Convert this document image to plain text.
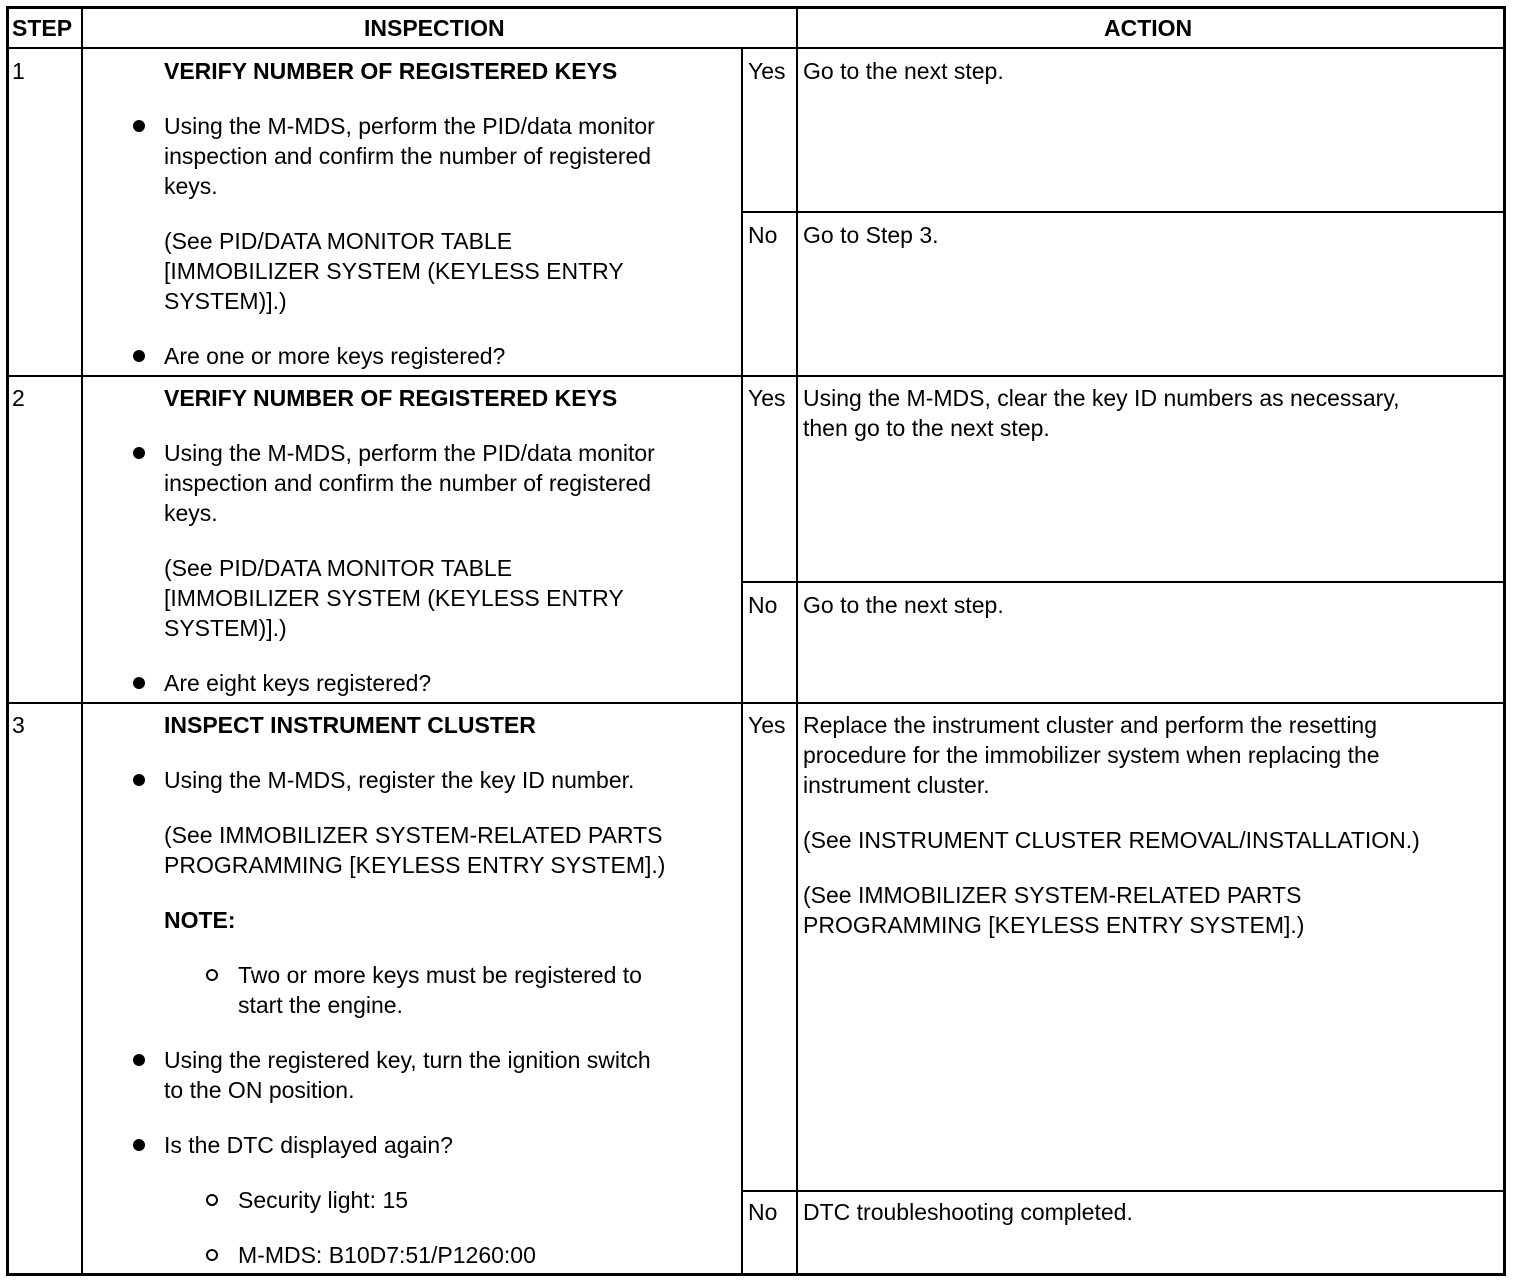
STEP	INSPECTION	ACTION
1	VERIFY NUMBER OF REGISTERED KEYS
Using the M-MDS, perform the PID/data monitor
inspection and confirm the number of registered
keys.
(See PID/DATA MONITOR TABLE
[IMMOBILIZER SYSTEM (KEYLESS ENTRY
SYSTEM)].)
Are one or more keys registered?
Yes Go to the next step.
No Go to Step 3.
2	VERIFY NUMBER OF REGISTERED KEYS
Using the M-MDS, perform the PID/data monitor
inspection and confirm the number of registered
keys.
(See PID/DATA MONITOR TABLE
[IMMOBILIZER SYSTEM (KEYLESS ENTRY
SYSTEM)].)
Are eight keys registered?
Yes Using the M-MDS, clear the key ID numbers as necessary,
then go to the next step.
No Go to the next step.
3	INSPECT INSTRUMENT CLUSTER
Using the M-MDS, register the key ID number.
(See IMMOBILIZER SYSTEM-RELATED PARTS
PROGRAMMING [KEYLESS ENTRY SYSTEM].)
NOTE:
Two or more keys must be registered to
start the engine.
Using the registered key, turn the ignition switch
to the ON position.
Is the DTC displayed again?
Security light: 15
M-MDS: B10D7:51/P1260:00
Yes Replace the instrument cluster and perform the resetting
procedure for the immobilizer system when replacing the
instrument cluster.
(See INSTRUMENT CLUSTER REMOVAL/INSTALLATION.)
(See IMMOBILIZER SYSTEM-RELATED PARTS
PROGRAMMING [KEYLESS ENTRY SYSTEM].)
No DTC troubleshooting completed.
